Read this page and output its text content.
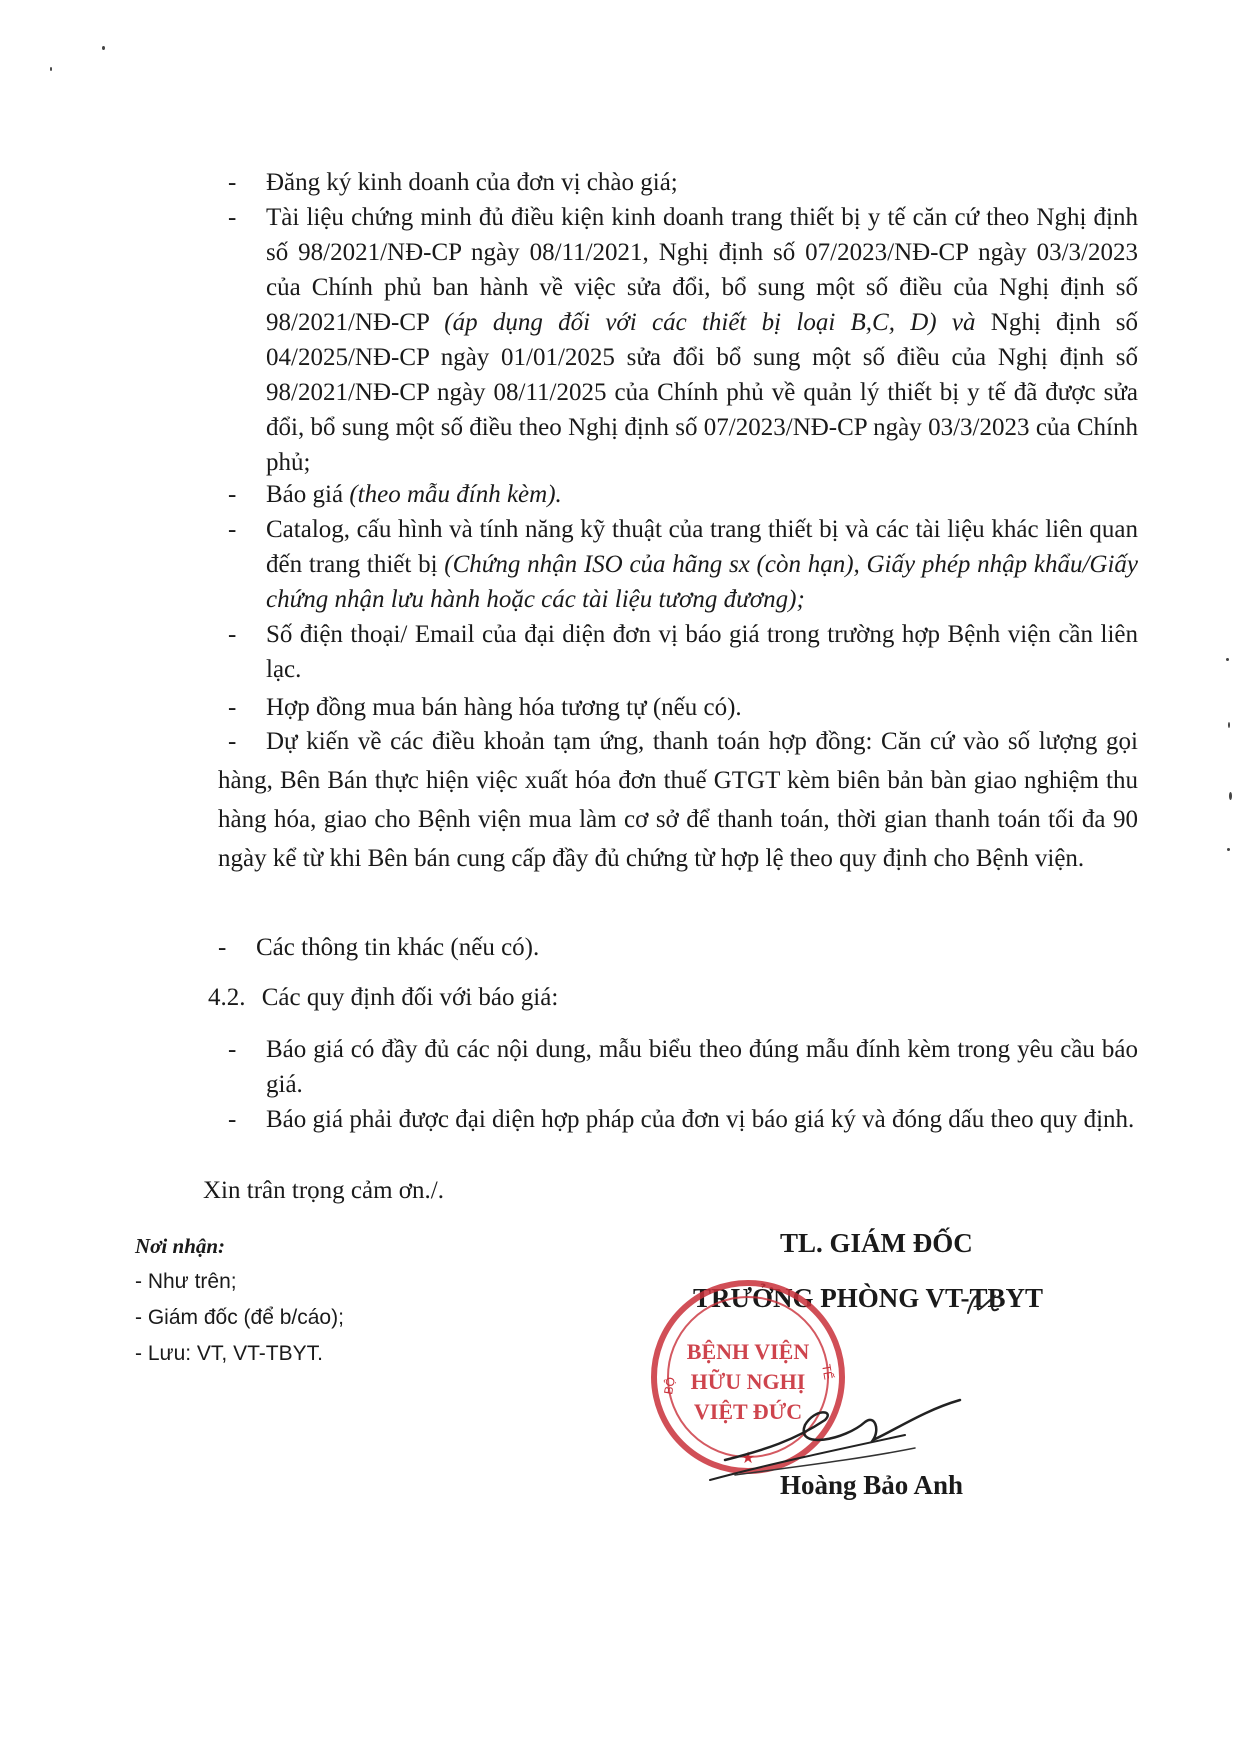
-	Đăng ký kinh doanh của đơn vị chào giá;
-	Tài liệu chứng minh đủ điều kiện kinh doanh trang thiết bị y tế căn cứ theo Nghị định số 98/2021/NĐ-CP ngày 08/11/2021, Nghị định số 07/2023/NĐ-CP ngày 03/3/2023 của Chính phủ ban hành về việc sửa đổi, bổ sung một số điều của Nghị định số 98/2021/NĐ-CP (áp dụng đối với các thiết bị loại B,C, D) và Nghị định số 04/2025/NĐ-CP ngày 01/01/2025 sửa đổi bổ sung một số điều của Nghị định số 98/2021/NĐ-CP ngày 08/11/2025 của Chính phủ về quản lý thiết bị y tế đã được sửa đổi, bổ sung một số điều theo Nghị định số 07/2023/NĐ-CP ngày 03/3/2023 của Chính phủ;
-	Báo giá (theo mẫu đính kèm).
-	Catalog, cấu hình và tính năng kỹ thuật của trang thiết bị và các tài liệu khác liên quan đến trang thiết bị (Chứng nhận ISO của hãng sx (còn hạn), Giấy phép nhập khẩu/Giấy chứng nhận lưu hành hoặc các tài liệu tương đương);
-	Số điện thoại/ Email của đại diện đơn vị báo giá trong trường hợp Bệnh viện cần liên lạc.
-	Hợp đồng mua bán hàng hóa tương tự (nếu có).
-	Dự kiến về các điều khoản tạm ứng, thanh toán hợp đồng: Căn cứ vào số lượng gọi hàng, Bên Bán thực hiện việc xuất hóa đơn thuế GTGT kèm biên bản bàn giao nghiệm thu hàng hóa, giao cho Bệnh viện mua làm cơ sở để thanh toán, thời gian thanh toán tối đa 90 ngày kể từ khi Bên bán cung cấp đầy đủ chứng từ hợp lệ theo quy định cho Bệnh viện.
-	Các thông tin khác (nếu có).
4.2. Các quy định đối với báo giá:
-	Báo giá có đầy đủ các nội dung, mẫu biểu theo đúng mẫu đính kèm trong yêu cầu báo giá.
-	Báo giá phải được đại diện hợp pháp của đơn vị báo giá ký và đóng dấu theo quy định.
Xin trân trọng cảm ơn./.
Nơi nhận:
- Như trên;
- Giám đốc (để b/cáo);
- Lưu: VT, VT-TBYT.
TL. GIÁM ĐỐC
TRƯỞNG PHÒNG VT-TBYT
BỆNH VIỆN
HỮU NGHỊ
VIỆT ĐỨC
BỘ
TẾ
★
Hoàng Bảo Anh
